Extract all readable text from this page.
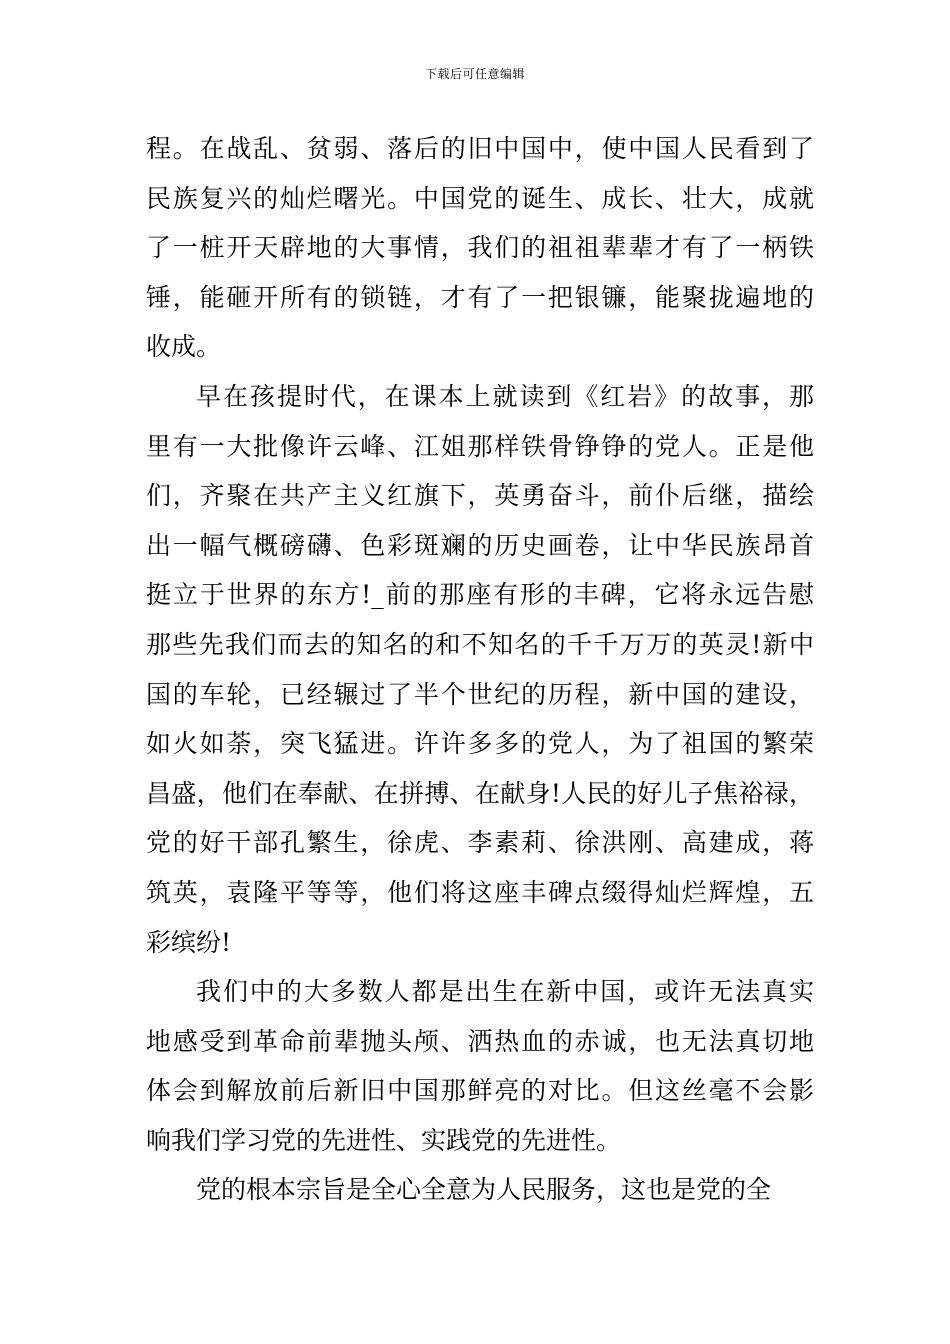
下载后可任意编辑
程。在战乱、贫弱、落后的旧中国中，使中国人民看到了
民族复兴的灿烂曙光。中国党的诞生、成长、壮大，成就
了一桩开天辟地的大事情，我们的祖祖辈辈才有了一柄铁
锤，能砸开所有的锁链，才有了一把银镰，能聚拢遍地的
收成。
早在孩提时代，在课本上就读到《红岩》的故事，那
里有一大批像许云峰、江姐那样铁骨铮铮的党人。正是他
们，齐聚在共产主义红旗下，英勇奋斗，前仆后继，描绘
出一幅气概磅礴、色彩斑斓的历史画卷，让中华民族昂首
挺立于世界的东方!_前的那座有形的丰碑，它将永远告慰
那些先我们而去的知名的和不知名的千千万万的英灵!新中
国的车轮，已经辗过了半个世纪的历程，新中国的建设，
如火如荼，突飞猛进。许许多多的党人，为了祖国的繁荣
昌盛，他们在奉献、在拼搏、在献身!人民的好儿子焦裕禄，
党的好干部孔繁生，徐虎、李素莉、徐洪刚、高建成，蒋
筑英，袁隆平等等，他们将这座丰碑点缀得灿烂辉煌，五
彩缤纷!
我们中的大多数人都是出生在新中国，或许无法真实
地感受到革命前辈抛头颅、洒热血的赤诚，也无法真切地
体会到解放前后新旧中国那鲜亮的对比。但这丝毫不会影
响我们学习党的先进性、实践党的先进性。
党的根本宗旨是全心全意为人民服务，这也是党的全
